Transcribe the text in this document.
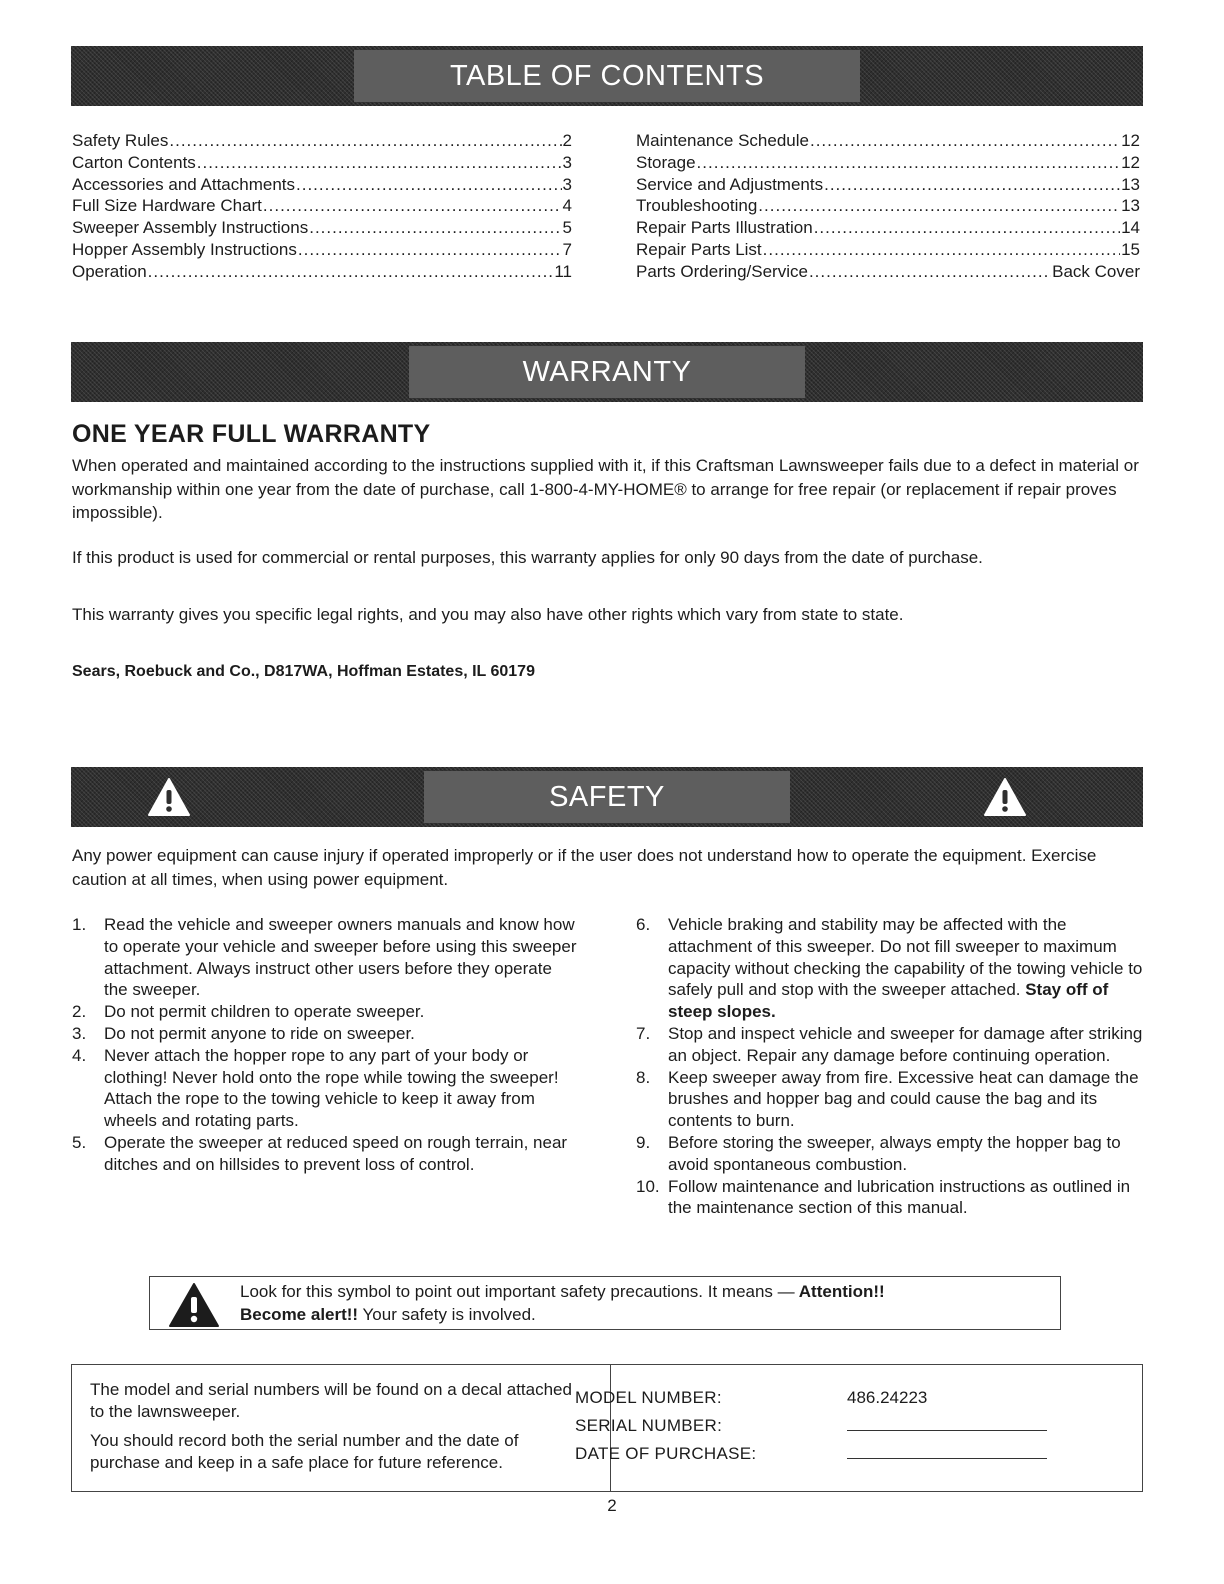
TABLE OF CONTENTS
Safety Rules .....	2
Carton Contents .....	3
Accessories and Attachments .....	3
Full Size Hardware Chart .....	4
Sweeper Assembly Instructions .....	5
Hopper Assembly Instructions .....	7
Operation .....	11
Maintenance Schedule .....	12
Storage .....	12
Service and Adjustments .....	13
Troubleshooting .....	13
Repair Parts Illustration .....	14
Repair Parts List .....	15
Parts Ordering/Service .....	Back Cover
WARRANTY
ONE YEAR FULL WARRANTY

When operated and maintained according to the instructions supplied with it, if this Craftsman Lawnsweeper fails due to a defect in material or workmanship within one year from the date of purchase, call 1-800-4-MY-HOME® to arrange for free repair (or replacement if repair proves impossible).

If this product is used for commercial or rental purposes, this warranty applies for only 90 days from the date of purchase.

This warranty gives you specific legal rights, and you may also have other rights which vary from state to state.

Sears, Roebuck and Co., D817WA, Hoffman Estates, IL 60179

SAFETY

Any power equipment can cause injury if operated improperly or if the user does not understand how to operate the equipment. Exercise caution at all times, when using power equipment.

1. Read the vehicle and sweeper owners manuals and know how to operate your vehicle and sweeper before using this sweeper attachment. Always instruct other users before they operate the sweeper.
2. Do not permit children to operate sweeper.
3. Do not permit anyone to ride on sweeper.
4. Never attach the hopper rope to any part of your body or clothing! Never hold onto the rope while towing the sweeper! Attach the rope to the towing vehicle to keep it away from wheels and rotating parts.
5. Operate the sweeper at reduced speed on rough terrain, near ditches and on hillsides to prevent loss of control.
6. Vehicle braking and stability may be affected with the attachment of this sweeper. Do not fill sweeper to maximum capacity without checking the capability of the towing vehicle to safely pull and stop with the sweeper attached. Stay off of steep slopes.
7. Stop and inspect vehicle and sweeper for damage after striking an object. Repair any damage before continuing operation.
8. Keep sweeper away from fire. Excessive heat can damage the brushes and hopper bag and could cause the bag and its contents to burn.
9. Before storing the sweeper, always empty the hopper bag to avoid spontaneous combustion.
10. Follow maintenance and lubrication instructions as outlined in the maintenance section of this manual.

Look for this symbol to point out important safety precautions. It means — Attention!!
Become alert!! Your safety is involved.

The model and serial numbers will be found on a decal attached to the lawnsweeper.

You should record both the serial number and the date of purchase and keep in a safe place for future reference.

MODEL NUMBER:	486.24223
SERIAL NUMBER:
DATE OF PURCHASE:

2
